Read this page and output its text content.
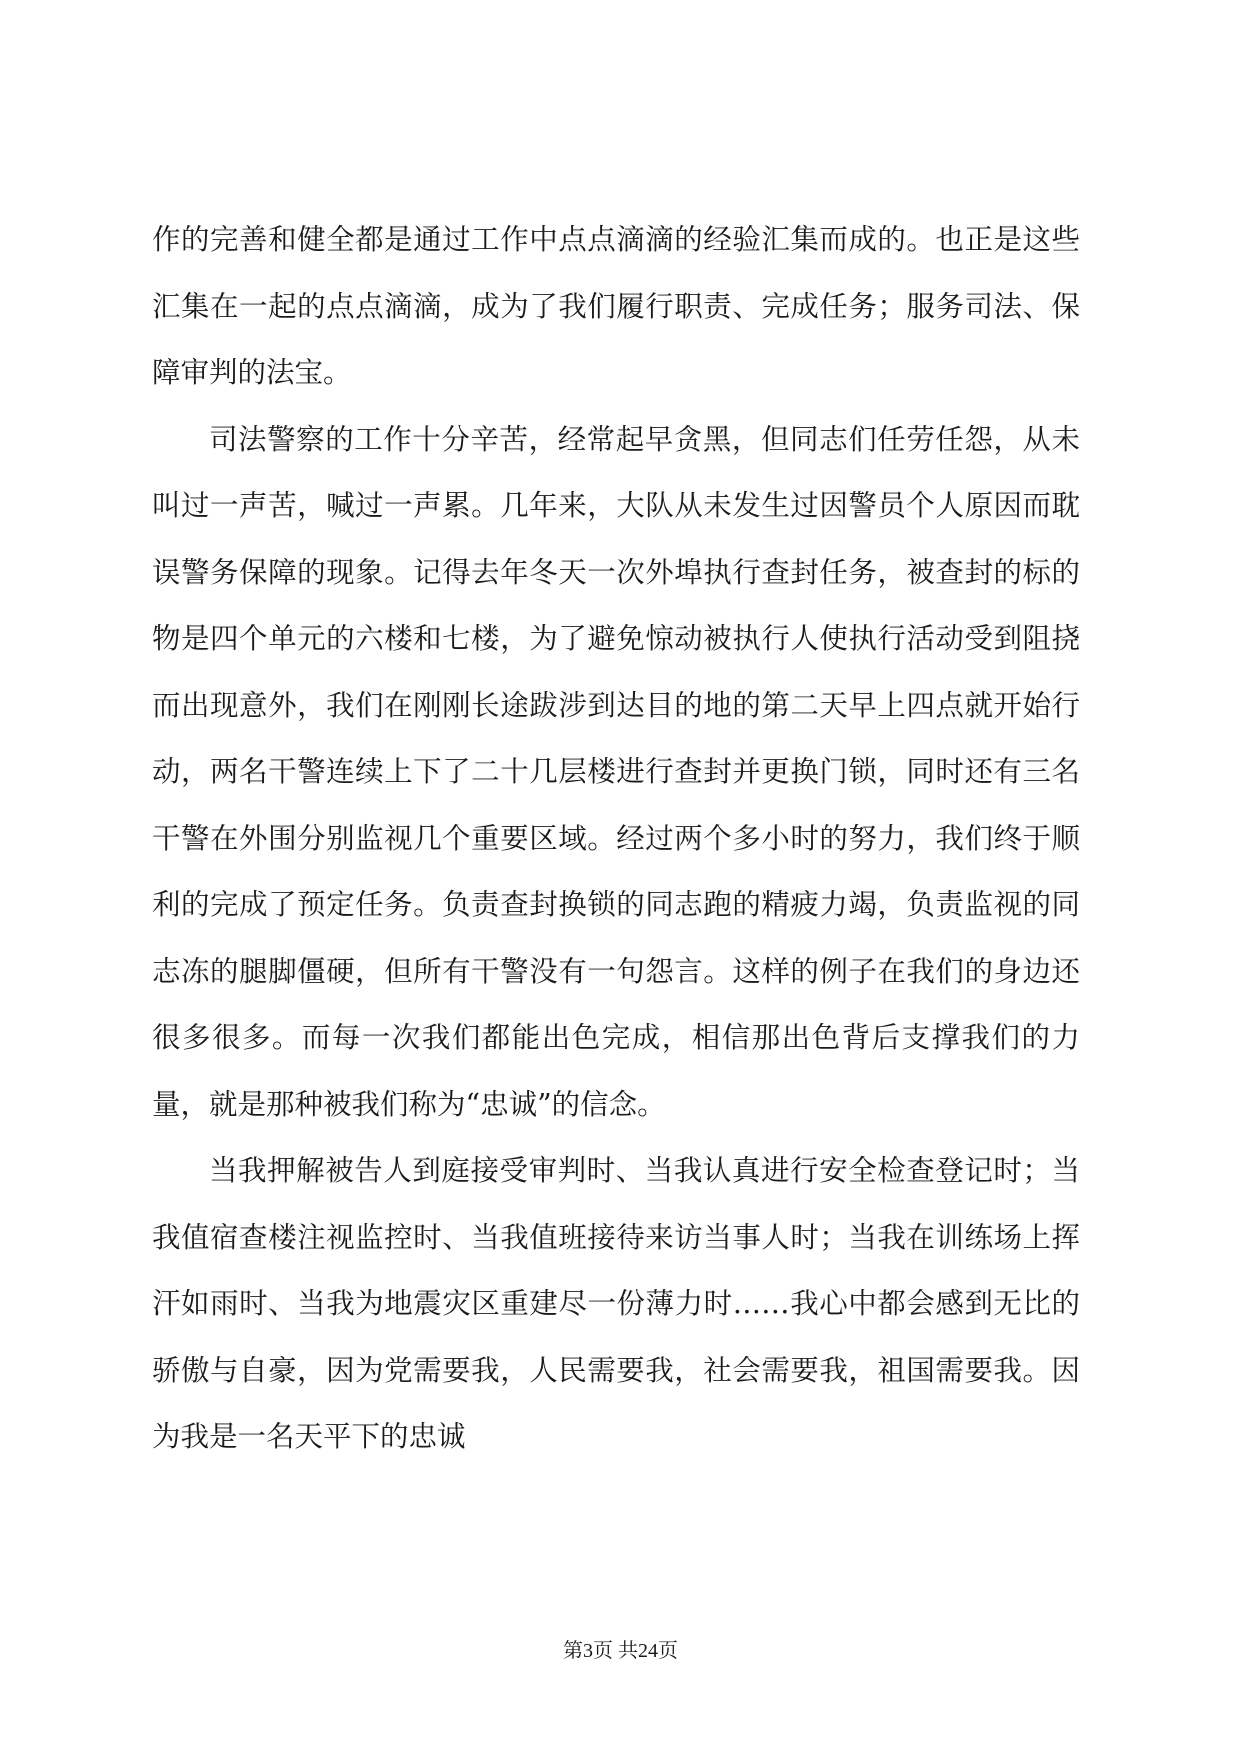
作的完善和健全都是通过工作中点点滴滴的经验汇集而成的。也正是这些汇集在一起的点点滴滴，成为了我们履行职责、完成任务；服务司法、保障审判的法宝。

司法警察的工作十分辛苦，经常起早贪黑，但同志们任劳任怨，从未叫过一声苦，喊过一声累。几年来，大队从未发生过因警员个人原因而耽误警务保障的现象。记得去年冬天一次外埠执行查封任务，被查封的标的物是四个单元的六楼和七楼，为了避免惊动被执行人使执行活动受到阻挠而出现意外，我们在刚刚长途跋涉到达目的地的第二天早上四点就开始行动，两名干警连续上下了二十几层楼进行查封并更换门锁，同时还有三名干警在外围分别监视几个重要区域。经过两个多小时的努力，我们终于顺利的完成了预定任务。负责查封换锁的同志跑的精疲力竭，负责监视的同志冻的腿脚僵硬，但所有干警没有一句怨言。这样的例子在我们的身边还很多很多。而每一次我们都能出色完成，相信那出色背后支撑我们的力量，就是那种被我们称为“忠诚”的信念。

当我押解被告人到庭接受审判时、当我认真进行安全检查登记时；当我值宿查楼注视监控时、当我值班接待来访当事人时；当我在训练场上挥汗如雨时、当我为地震灾区重建尽一份薄力时……我心中都会感到无比的骄傲与自豪，因为党需要我，人民需要我，社会需要我，祖国需要我。因为我是一名天平下的忠诚

第3页 共24页
